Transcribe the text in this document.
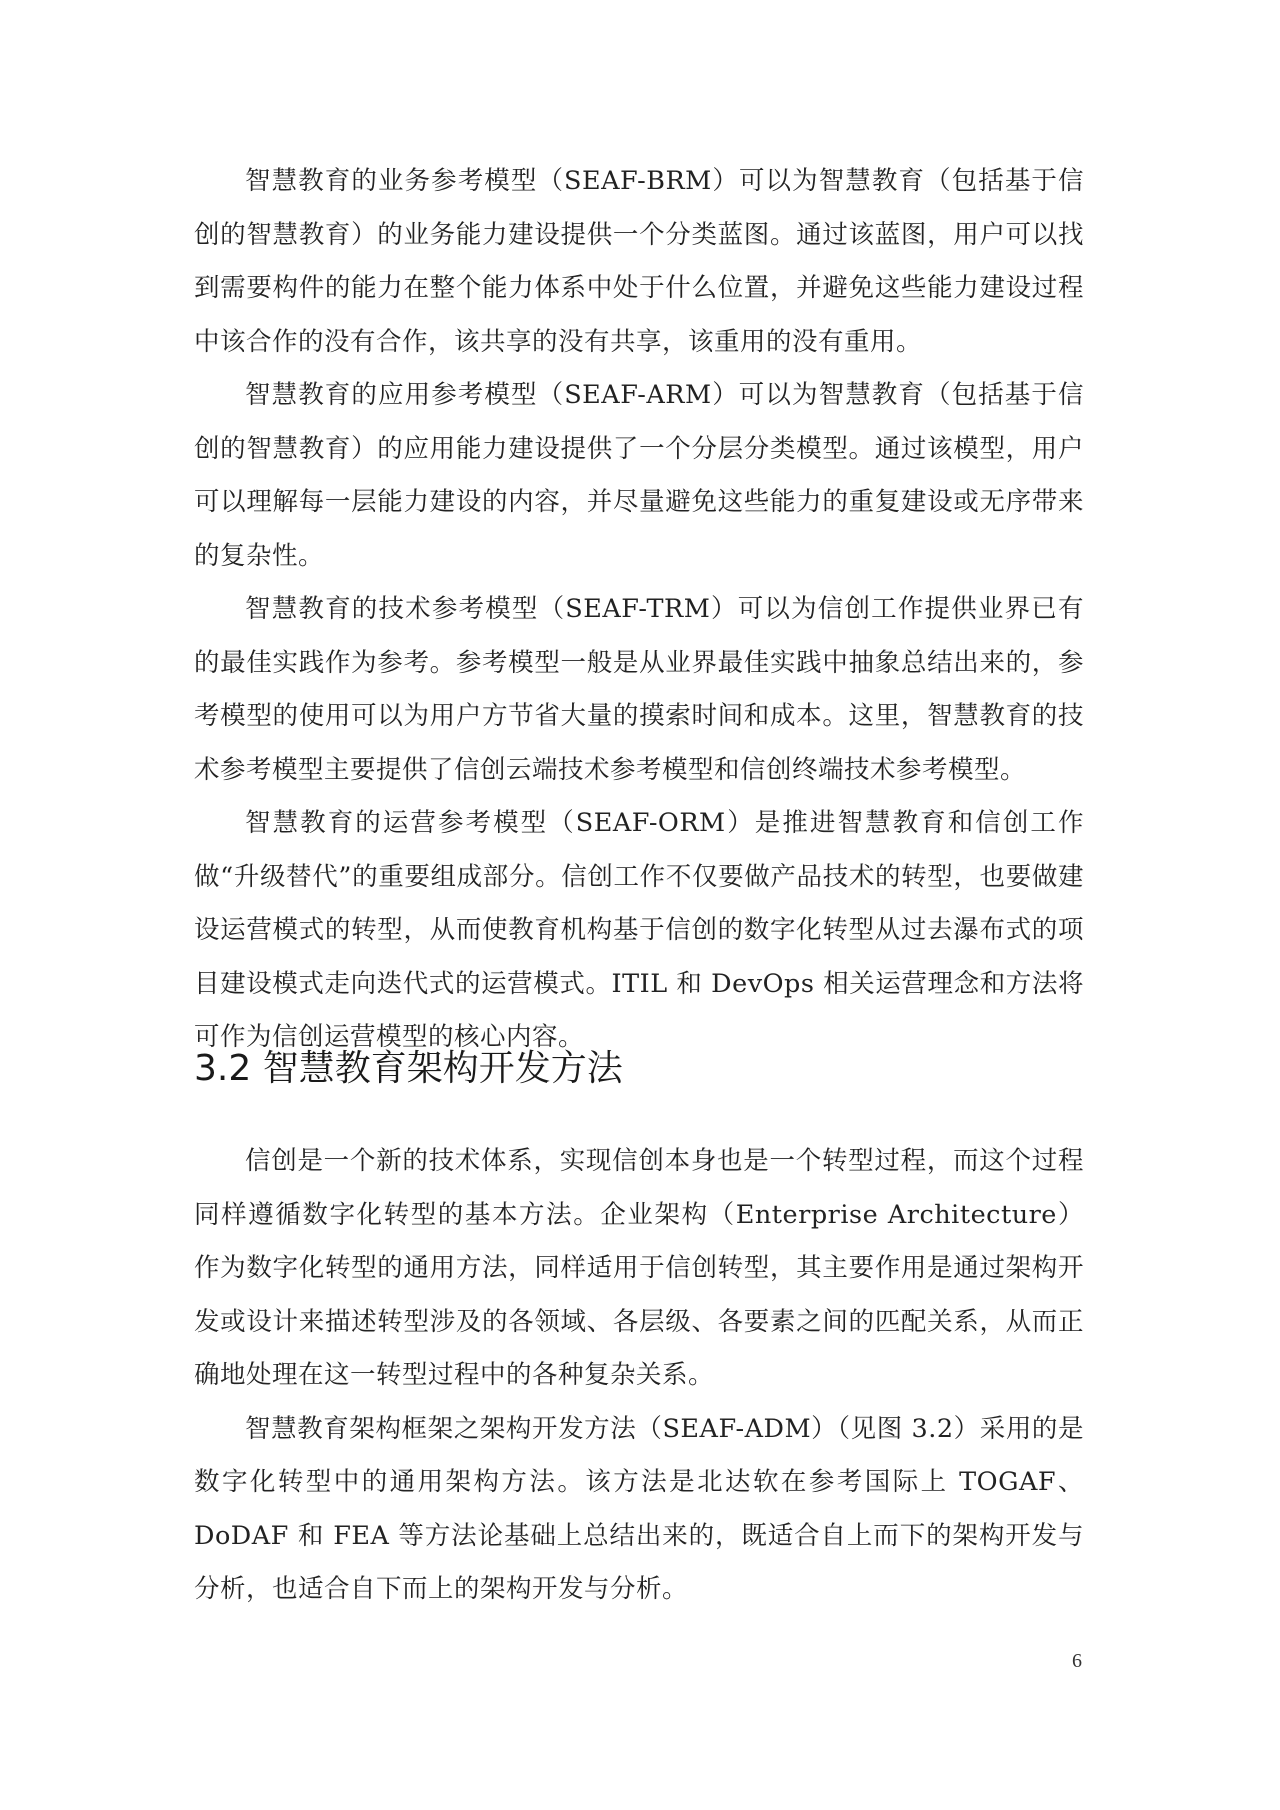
智慧教育的业务参考模型（SEAF-BRM）可以为智慧教育（包括基于信创的智慧教育）的业务能力建设提供一个分类蓝图。通过该蓝图，用户可以找到需要构件的能力在整个能力体系中处于什么位置，并避免这些能力建设过程中该合作的没有合作，该共享的没有共享，该重用的没有重用。

智慧教育的应用参考模型（SEAF-ARM）可以为智慧教育（包括基于信创的智慧教育）的应用能力建设提供了一个分层分类模型。通过该模型，用户可以理解每一层能力建设的内容，并尽量避免这些能力的重复建设或无序带来的复杂性。

智慧教育的技术参考模型（SEAF-TRM）可以为信创工作提供业界已有的最佳实践作为参考。参考模型一般是从业界最佳实践中抽象总结出来的，参考模型的使用可以为用户方节省大量的摸索时间和成本。这里，智慧教育的技术参考模型主要提供了信创云端技术参考模型和信创终端技术参考模型。

智慧教育的运营参考模型（SEAF-ORM）是推进智慧教育和信创工作做“升级替代”的重要组成部分。信创工作不仅要做产品技术的转型，也要做建设运营模式的转型，从而使教育机构基于信创的数字化转型从过去瀑布式的项目建设模式走向迭代式的运营模式。ITIL 和 DevOps 相关运营理念和方法将可作为信创运营模型的核心内容。

3.2 智慧教育架构开发方法

信创是一个新的技术体系，实现信创本身也是一个转型过程，而这个过程同样遵循数字化转型的基本方法。企业架构（Enterprise Architecture）作为数字化转型的通用方法，同样适用于信创转型，其主要作用是通过架构开发或设计来描述转型涉及的各领域、各层级、各要素之间的匹配关系，从而正确地处理在这一转型过程中的各种复杂关系。

智慧教育架构框架之架构开发方法（SEAF-ADM）（见图 3.2）采用的是数字化转型中的通用架构方法。该方法是北达软在参考国际上 TOGAF、DoDAF 和 FEA 等方法论基础上总结出来的，既适合自上而下的架构开发与分析，也适合自下而上的架构开发与分析。

6
